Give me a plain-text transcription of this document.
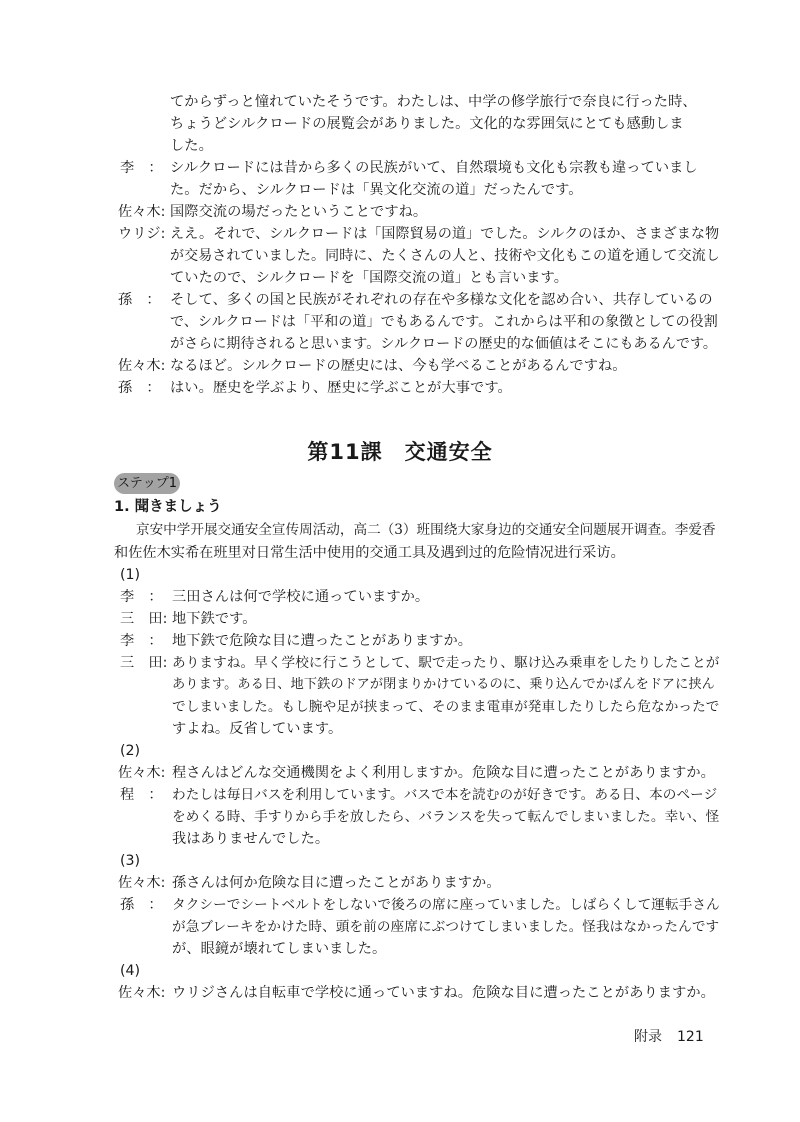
てからずっと憧れていたそうです。わたしは、中学の修学旅行で奈良に行った時、
ちょうどシルクロードの展覧会がありました。文化的な雰囲気にとても感動しま
した。
李　： シルクロードには昔から多くの民族がいて、自然環境も文化も宗教も違っていまし
た。だから、シルクロードは「異文化交流の道」だったんです。
佐々木: 国際交流の場だったということですね。
ウリジ: ええ。それで、シルクロードは「国際貿易の道」でした。シルクのほか、さまざまな物
が交易されていました。同時に、たくさんの人と、技術や文化もこの道を通して交流し
ていたので、シルクロードを「国際交流の道」とも言います。
孫　： そして、多くの国と民族がそれぞれの存在や多様な文化を認め合い、共存しているの
で、シルクロードは「平和の道」でもあるんです。これからは平和の象徴としての役割
がさらに期待されると思います。シルクロードの歴史的な価値はそこにもあるんです。
佐々木: なるほど。シルクロードの歴史には、今も学べることがあるんですね。
孫　： はい。歴史を学ぶより、歴史に学ぶことが大事です。
第11課 交通安全
ステップ1
1. 聞きましょう
京安中学开展交通安全宣传周活动，高二（3）班围绕大家身边的交通安全问题展开调查。李爱香
和佐佐木实希在班里对日常生活中使用的交通工具及遇到过的危险情况进行采访。
(1)
李　： 三田さんは何で学校に通っていますか。
三　田: 地下鉄です。
李　： 地下鉄で危険な目に遭ったことがありますか。
三　田: ありますね。早く学校に行こうとして、駅で走ったり、駆け込み乗車をしたりしたことが
あります。ある日、地下鉄のドアが閉まりかけているのに、乗り込んでかばんをドアに挟ん
でしまいました。もし腕や足が挟まって、そのまま電車が発車したりしたら危なかったで
すよね。反省しています。
(2)
佐々木: 程さんはどんな交通機関をよく利用しますか。危険な目に遭ったことがありますか。
程　： わたしは毎日バスを利用しています。バスで本を読むのが好きです。ある日、本のページ
をめくる時、手すりから手を放したら、バランスを失って転んでしまいました。幸い、怪
我はありませんでした。
(3)
佐々木: 孫さんは何か危険な目に遭ったことがありますか。
孫　： タクシーでシートベルトをしないで後ろの席に座っていました。しばらくして運転手さん
が急ブレーキをかけた時、頭を前の座席にぶつけてしまいました。怪我はなかったんです
が、眼鏡が壊れてしまいました。
(4)
佐々木: ウリジさんは自転車で学校に通っていますね。危険な目に遭ったことがありますか。
附录 121
